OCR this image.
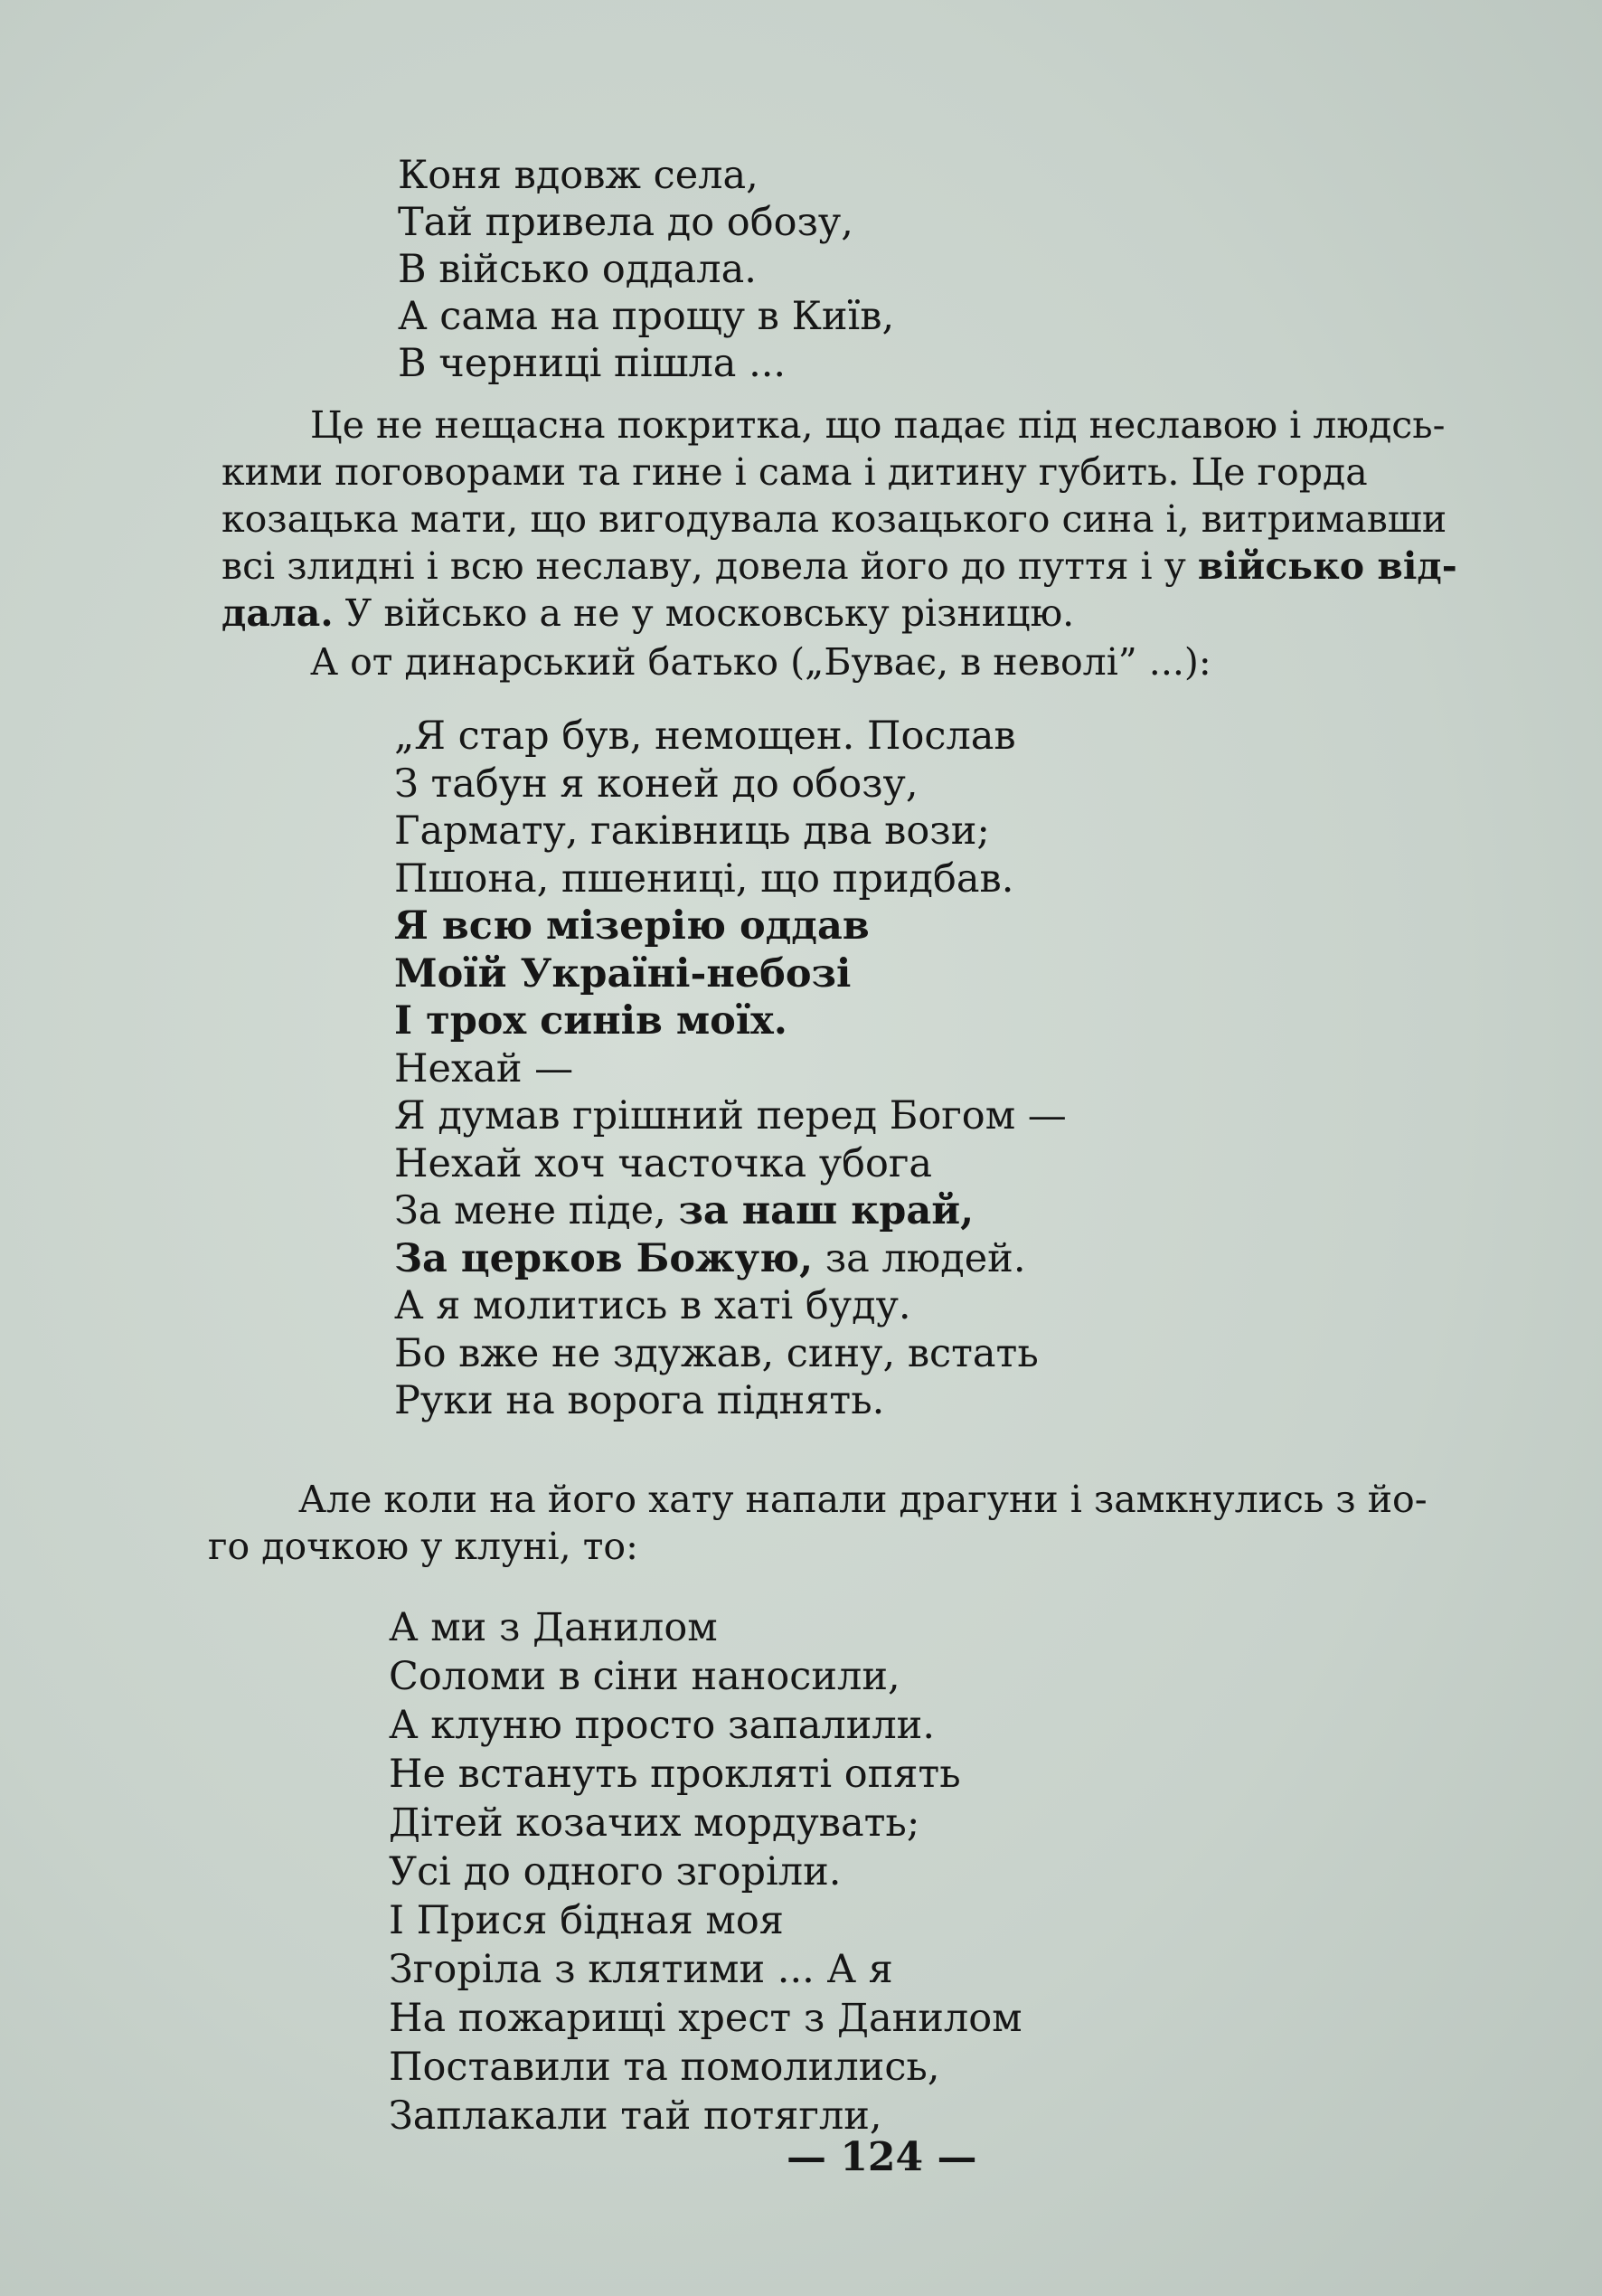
Коня вдовж села,
Тай привела до обозу,
В військо оддала.
А сама на прощу в Київ,
В черниці пішла ...
Це не нещасна покритка, що падає під неславою і людсь-
кими поговорами та гине і сама і дитину губить. Це горда
козацька мати, що вигодувала козацького сина і, витримавши
всі злидні і всю неславу, довела його до пуття і у військо від-
дала. У військо а не у московську різницю.
А от динарський батько („Буває, в неволі” ...):
„Я стар був, немощен. Послав
З табун я коней до обозу,
Гармату, гаківниць два вози;
Пшона, пшениці, що придбав.
Я всю мізерію оддав
Моїй Україні-небозі
І трох синів моїх.
Нехай —
Я думав грішний перед Богом —
Нехай хоч часточка убога
За мене піде, за наш край,
За церков Божую, за людей.
А я молитись в хаті буду.
Бо вже не здужав, сину, встать
Руки на ворога піднять.
Але коли на його хату напали драгуни і замкнулись з йо-
го дочкою у клуні, то:
А ми з Данилом
Соломи в сіни наносили,
А клуню просто запалили.
Не встануть прокляті опять
Дітей козачих мордувать;
Усі до одного згоріли.
І Прися бідная моя
Згоріла з клятими ... А я
На пожарищі хрест з Данилом
Поставили та помолились,
Заплакали тай потягли,
— 124 —
